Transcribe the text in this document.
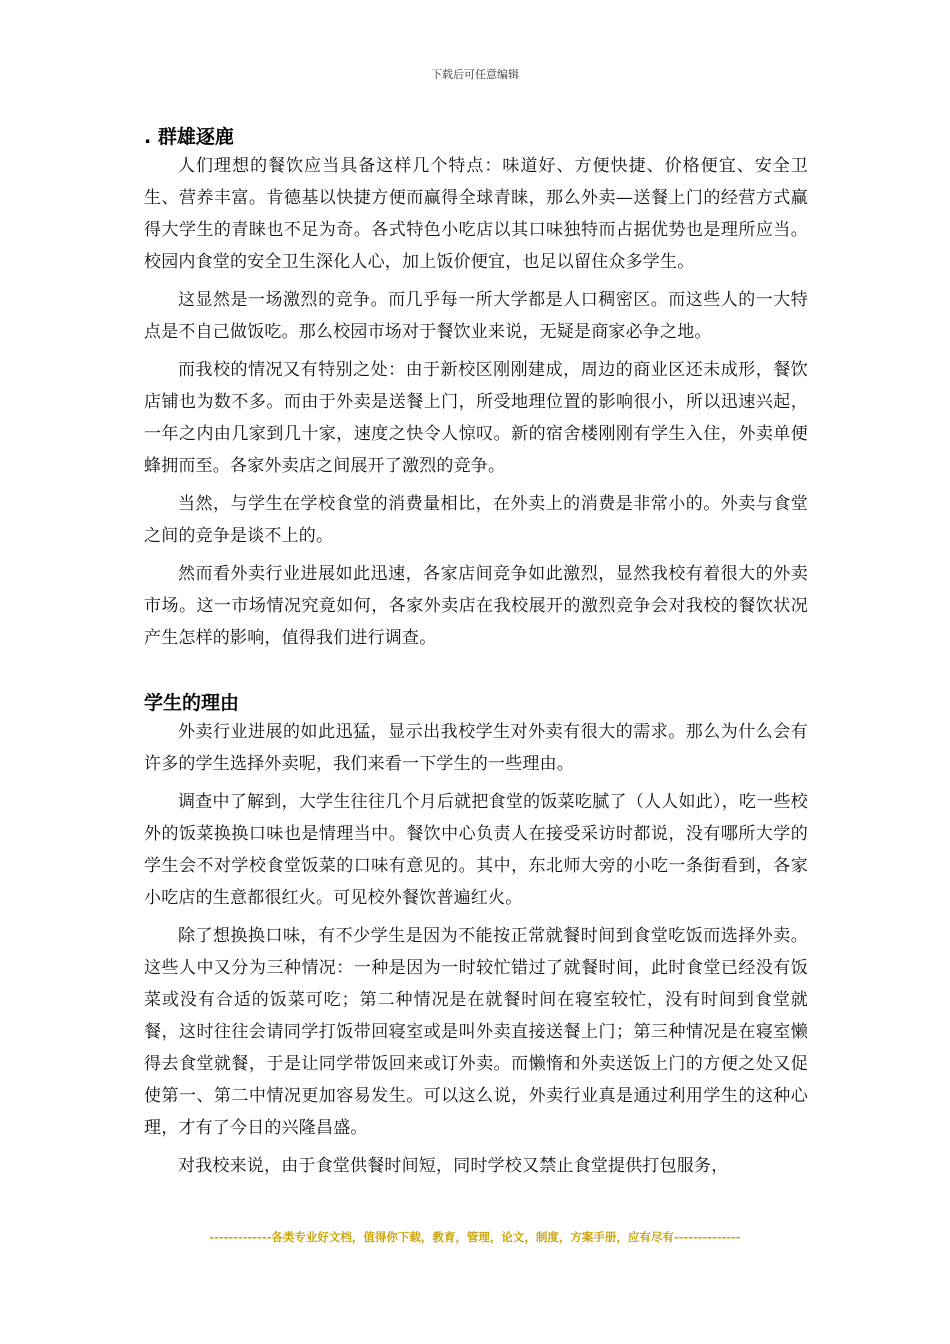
下载后可任意编辑
. 群雄逐鹿

人们理想的餐饮应当具备这样几个特点：味道好、方便快捷、价格便宜、安全卫生、营养丰富。肯德基以快捷方便而赢得全球青睐，那么外卖—送餐上门的经营方式赢得大学生的青睐也不足为奇。各式特色小吃店以其口味独特而占据优势也是理所应当。校园内食堂的安全卫生深化人心，加上饭价便宜，也足以留住众多学生。

这显然是一场激烈的竞争。而几乎每一所大学都是人口稠密区。而这些人的一大特点是不自己做饭吃。那么校园市场对于餐饮业来说，无疑是商家必争之地。

而我校的情况又有特别之处：由于新校区刚刚建成，周边的商业区还未成形，餐饮店铺也为数不多。而由于外卖是送餐上门，所受地理位置的影响很小，所以迅速兴起，一年之内由几家到几十家，速度之快令人惊叹。新的宿舍楼刚刚有学生入住，外卖单便蜂拥而至。各家外卖店之间展开了激烈的竞争。

当然，与学生在学校食堂的消费量相比，在外卖上的消费是非常小的。外卖与食堂之间的竞争是谈不上的。

然而看外卖行业进展如此迅速，各家店间竞争如此激烈，显然我校有着很大的外卖市场。这一市场情况究竟如何，各家外卖店在我校展开的激烈竞争会对我校的餐饮状况产生怎样的影响，值得我们进行调查。

学生的理由

外卖行业进展的如此迅猛，显示出我校学生对外卖有很大的需求。那么为什么会有许多的学生选择外卖呢，我们来看一下学生的一些理由。

调查中了解到，大学生往往几个月后就把食堂的饭菜吃腻了（人人如此），吃一些校外的饭菜换换口味也是情理当中。餐饮中心负责人在接受采访时都说，没有哪所大学的学生会不对学校食堂饭菜的口味有意见的。其中，东北师大旁的小吃一条街看到，各家小吃店的生意都很红火。可见校外餐饮普遍红火。

除了想换换口味，有不少学生是因为不能按正常就餐时间到食堂吃饭而选择外卖。这些人中又分为三种情况：一种是因为一时较忙错过了就餐时间，此时食堂已经没有饭菜或没有合适的饭菜可吃；第二种情况是在就餐时间在寝室较忙，没有时间到食堂就餐，这时往往会请同学打饭带回寝室或是叫外卖直接送餐上门；第三种情况是在寝室懒得去食堂就餐，于是让同学带饭回来或订外卖。而懒惰和外卖送饭上门的方便之处又促使第一、第二中情况更加容易发生。可以这么说，外卖行业真是通过利用学生的这种心理，才有了今日的兴隆昌盛。

对我校来说，由于食堂供餐时间短，同时学校又禁止食堂提供打包服务，

-------------各类专业好文档，值得你下载，教育，管理，论文，制度，方案手册，应有尽有--------------
